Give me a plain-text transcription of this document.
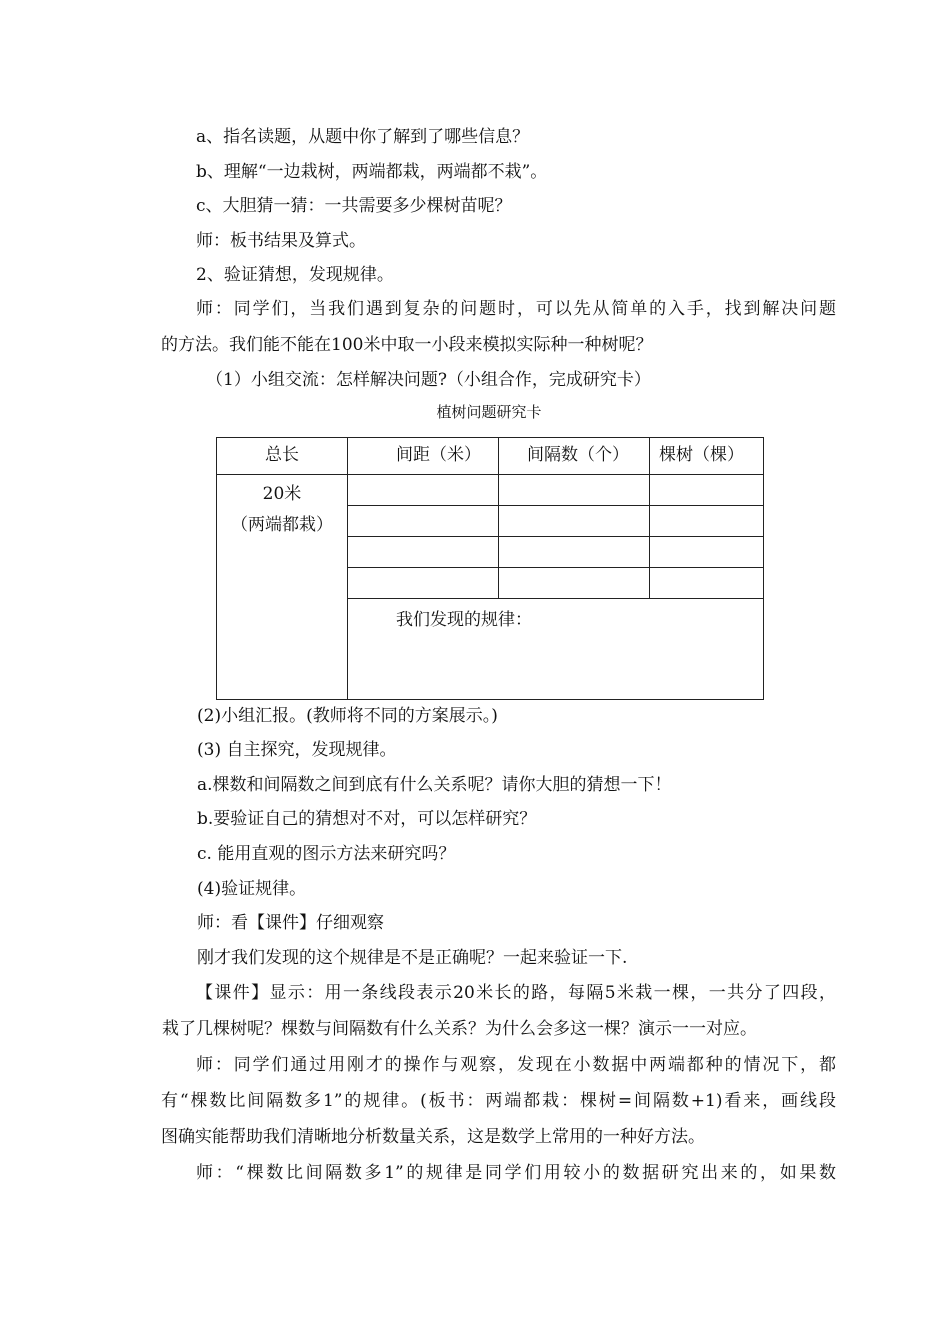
a、指名读题，从题中你了解到了哪些信息？
b、理解“一边栽树，两端都栽，两端都不栽”。
c、大胆猜一猜：一共需要多少棵树苗呢？
师：板书结果及算式。
2、验证猜想，发现规律。
师：同学们，当我们遇到复杂的问题时，可以先从简单的入手，找到解决问题
的方法。我们能不能在100米中取一小段来模拟实际种一种树呢？
（1）小组交流：怎样解决问题?（小组合作，完成研究卡）
植树问题研究卡
总长	间距（米）	间隔数（个）	棵树（棵）

20米
（两端都栽）			

	我们发现的规律：		
(2)小组汇报。(教师将不同的方案展示。)
(3) 自主探究，发现规律。
a.棵数和间隔数之间到底有什么关系呢？请你大胆的猜想一下！
b.要验证自己的猜想对不对，可以怎样研究？
c. 能用直观的图示方法来研究吗？
(4)验证规律。
师：看【课件】仔细观察
刚才我们发现的这个规律是不是正确呢？一起来验证一下.
【课件】显示：用一条线段表示20米长的路，每隔5米栽一棵，一共分了四段，
栽了几棵树呢？棵数与间隔数有什么关系？为什么会多这一棵？演示一一对应。
师：同学们通过用刚才的操作与观察，发现在小数据中两端都种的情况下，都
有“棵数比间隔数多1”的规律。(板书：两端都栽：棵树=间隔数+1)看来，画线段
图确实能帮助我们清晰地分析数量关系，这是数学上常用的一种好方法。
师：“棵数比间隔数多1”的规律是同学们用较小的数据研究出来的，如果数
